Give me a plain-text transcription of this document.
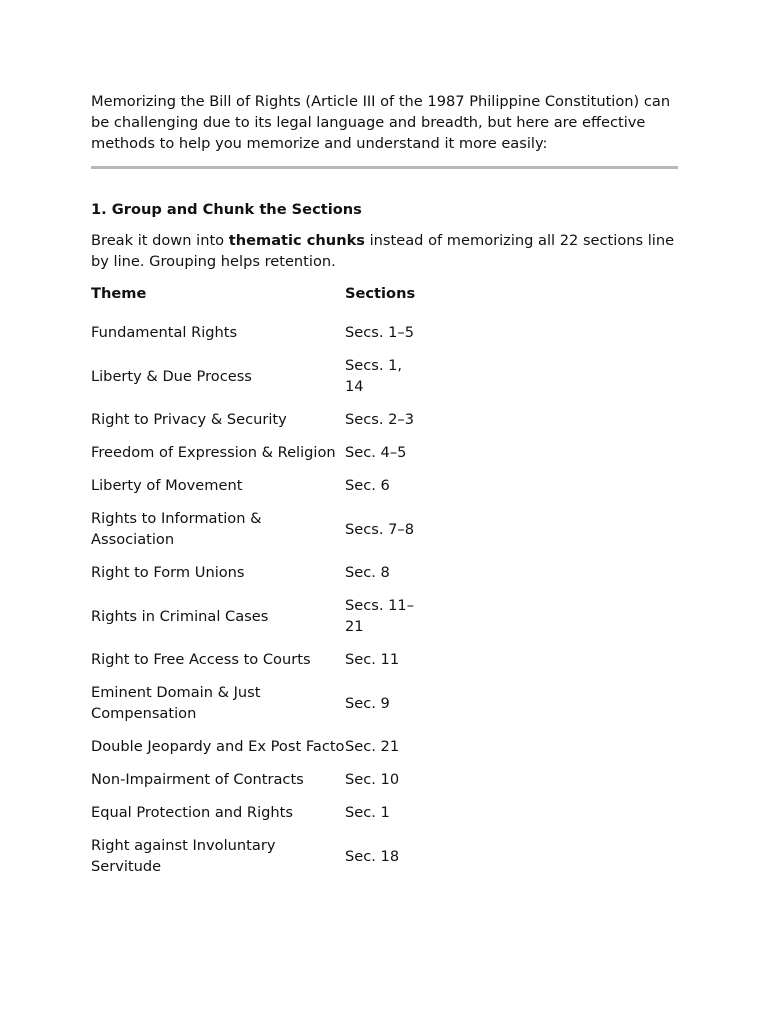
Memorizing the Bill of Rights (Article III of the 1987 Philippine Constitution) can be challenging due to its legal language and breadth, but here are effective methods to help you memorize and understand it more easily:

1. Group and Chunk the Sections

Break it down into thematic chunks instead of memorizing all 22 sections line by line. Grouping helps retention.

Theme	Sections
Fundamental Rights	Secs. 1–5
Liberty & Due Process	Secs. 1, 14
Right to Privacy & Security	Secs. 2–3
Freedom of Expression & Religion	Sec. 4–5
Liberty of Movement	Sec. 6
Rights to Information & Association	Secs. 7–8
Right to Form Unions	Sec. 8
Rights in Criminal Cases	Secs. 11–21
Right to Free Access to Courts	Sec. 11
Eminent Domain & Just Compensation	Sec. 9
Double Jeopardy and Ex Post Facto	Sec. 21
Non-Impairment of Contracts	Sec. 10
Equal Protection and Rights	Sec. 1
Right against Involuntary Servitude	Sec. 18
